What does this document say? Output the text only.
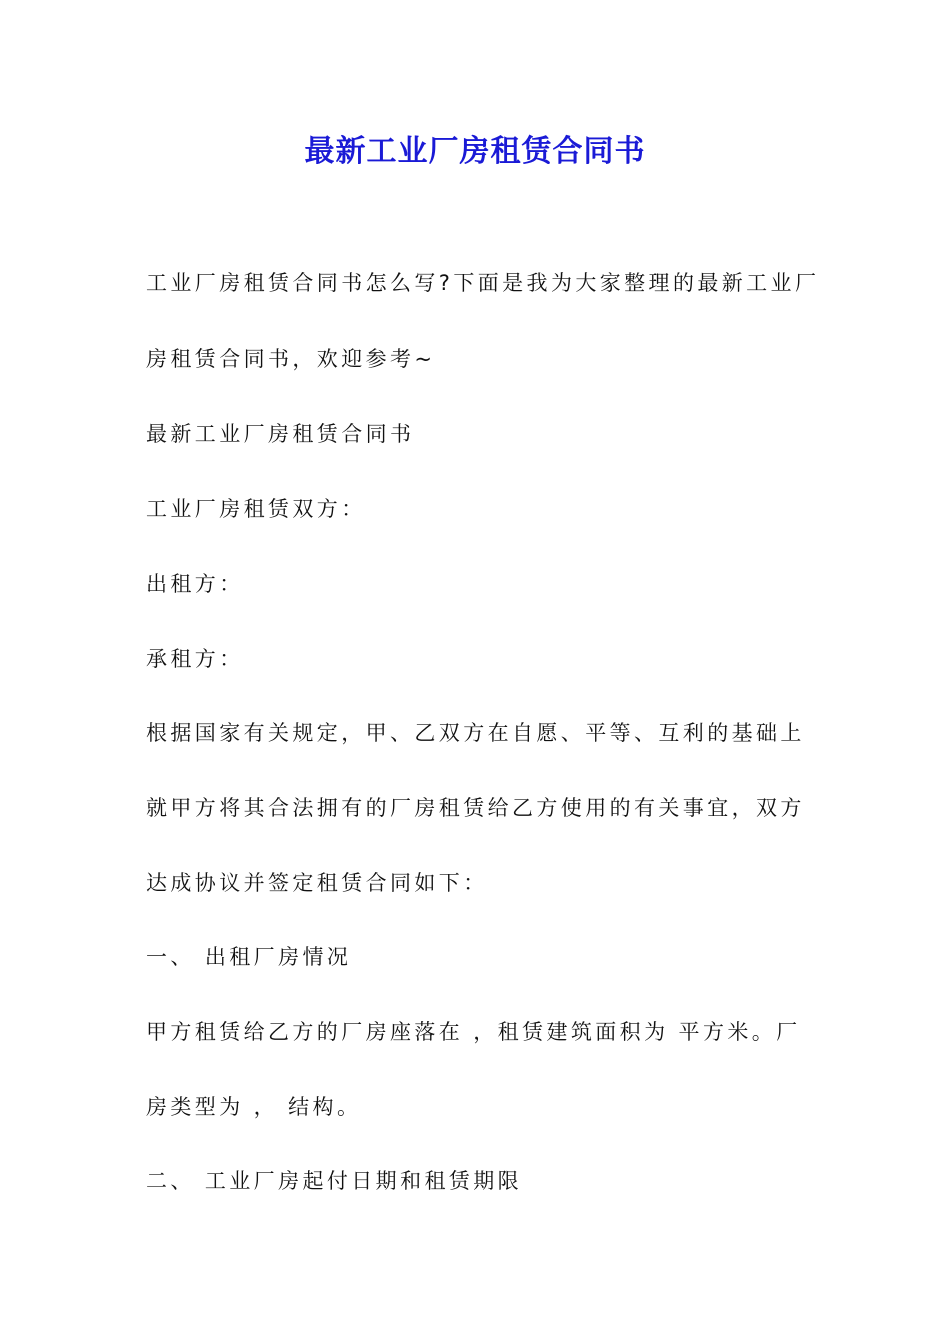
最新工业厂房租赁合同书
工业厂房租赁合同书怎么写?下面是我为大家整理的最新工业厂
房租赁合同书，欢迎参考~
最新工业厂房租赁合同书
工业厂房租赁双方：
出租方：
承租方：
根据国家有关规定，甲、乙双方在自愿、平等、互利的基础上
就甲方将其合法拥有的厂房租赁给乙方使用的有关事宜，双方
达成协议并签定租赁合同如下：
一、 出租厂房情况
甲方租赁给乙方的厂房座落在 ，租赁建筑面积为 平方米。厂
房类型为 ， 结构。
二、 工业厂房起付日期和租赁期限
